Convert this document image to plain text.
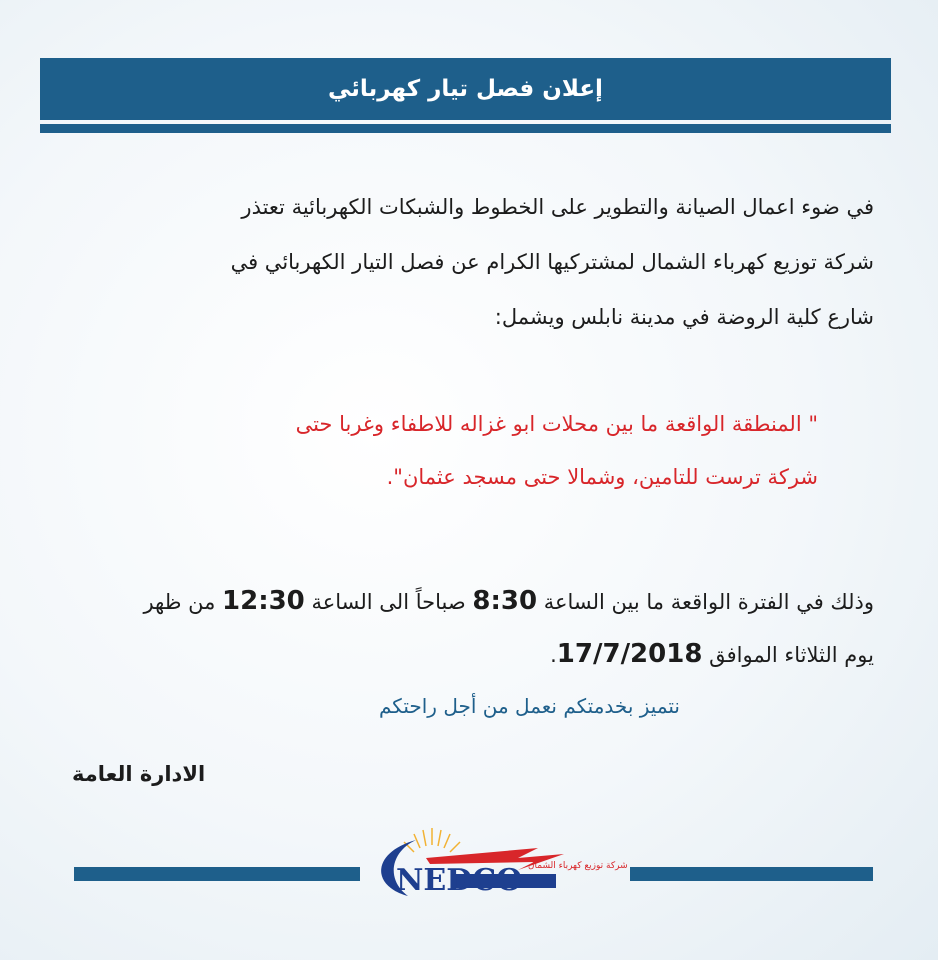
إعلان فصل تيار كهربائي
في ضوء اعمال الصيانة والتطوير على الخطوط والشبكات الكهربائية تعتذر
شركة توزيع كهرباء الشمال لمشتركيها الكرام عن فصل التيار الكهربائي في
شارع كلية الروضة في مدينة نابلس ويشمل:
" المنطقة الواقعة ما بين محلات ابو غزاله للاطفاء وغربا حتى
شركة ترست للتامين، وشمالا حتى مسجد عثمان".
وذلك في الفترة الواقعة ما بين الساعة 8:30 صباحاً الى الساعة 12:30 من ظهر
يوم الثلاثاء الموافق 17/7/2018.
نتميز بخدمتكم نعمل من أجل راحتكم
الادارة العامة
شركة توزيع كهرباء الشمال
NEDCO
